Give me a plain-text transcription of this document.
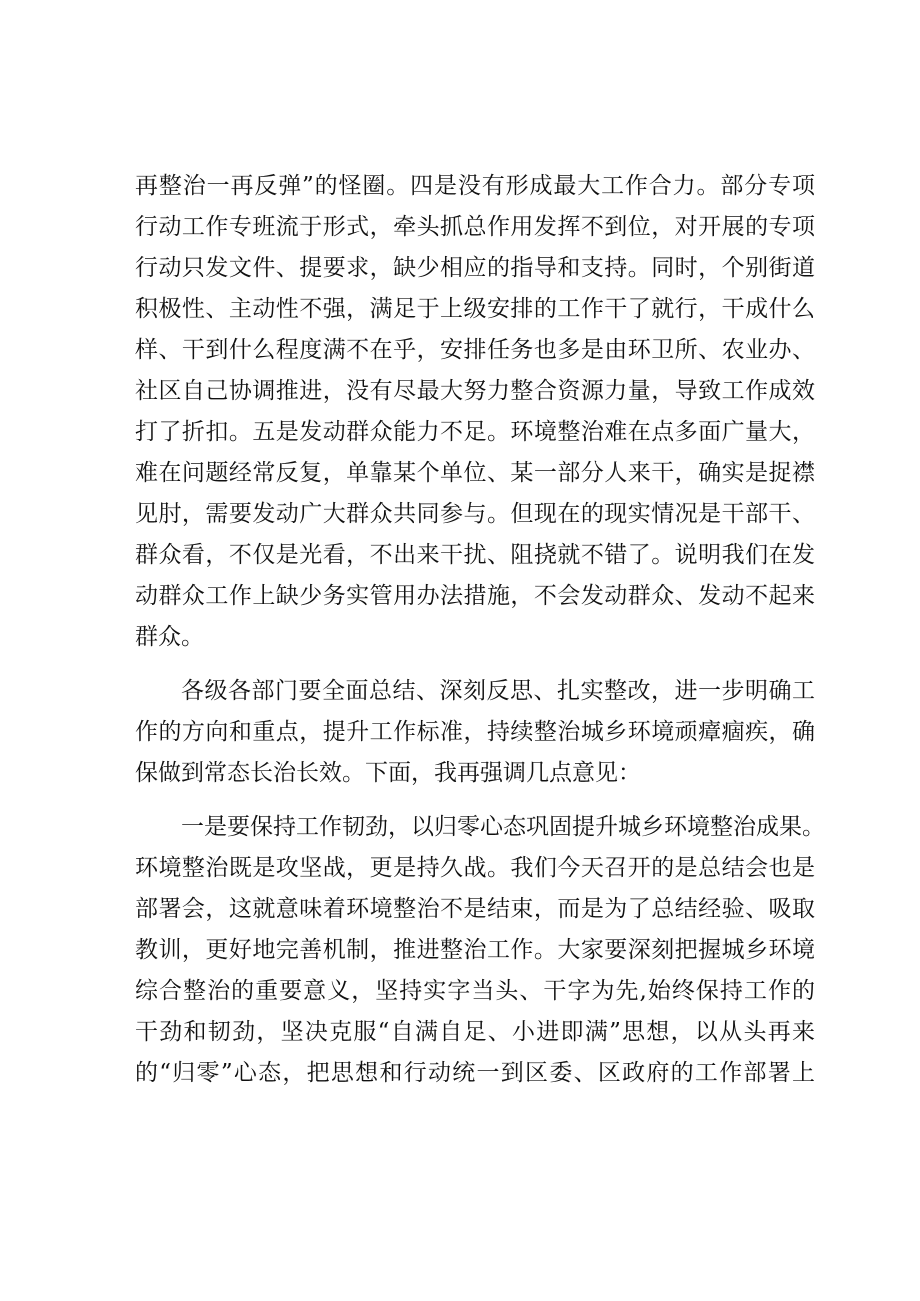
再整治一再反弹”的怪圈。四是没有形成最大工作合力。部分专项
行动工作专班流于形式，牵头抓总作用发挥不到位，对开展的专项
行动只发文件、提要求，缺少相应的指导和支持。同时，个别街道
积极性、主动性不强，满足于上级安排的工作干了就行，干成什么
样、干到什么程度满不在乎，安排任务也多是由环卫所、农业办、
社区自己协调推进，没有尽最大努力整合资源力量，导致工作成效
打了折扣。五是发动群众能力不足。环境整治难在点多面广量大，
难在问题经常反复，单靠某个单位、某一部分人来干，确实是捉襟
见肘，需要发动广大群众共同参与。但现在的现实情况是干部干、
群众看，不仅是光看，不出来干扰、阻挠就不错了。说明我们在发
动群众工作上缺少务实管用办法措施，不会发动群众、发动不起来
群众。
各级各部门要全面总结、深刻反思、扎实整改，进一步明确工
作的方向和重点，提升工作标准，持续整治城乡环境顽瘴痼疾，确
保做到常态长治长效。下面，我再强调几点意见：
一是要保持工作韧劲，以归零心态巩固提升城乡环境整治成果。
环境整治既是攻坚战，更是持久战。我们今天召开的是总结会也是
部署会，这就意味着环境整治不是结束，而是为了总结经验、吸取
教训，更好地完善机制，推进整治工作。大家要深刻把握城乡环境
综合整治的重要意义，坚持实字当头、干字为先,始终保持工作的
干劲和韧劲，坚决克服“自满自足、小进即满”思想，以从头再来
的“归零”心态，把思想和行动统一到区委、区政府的工作部署上
